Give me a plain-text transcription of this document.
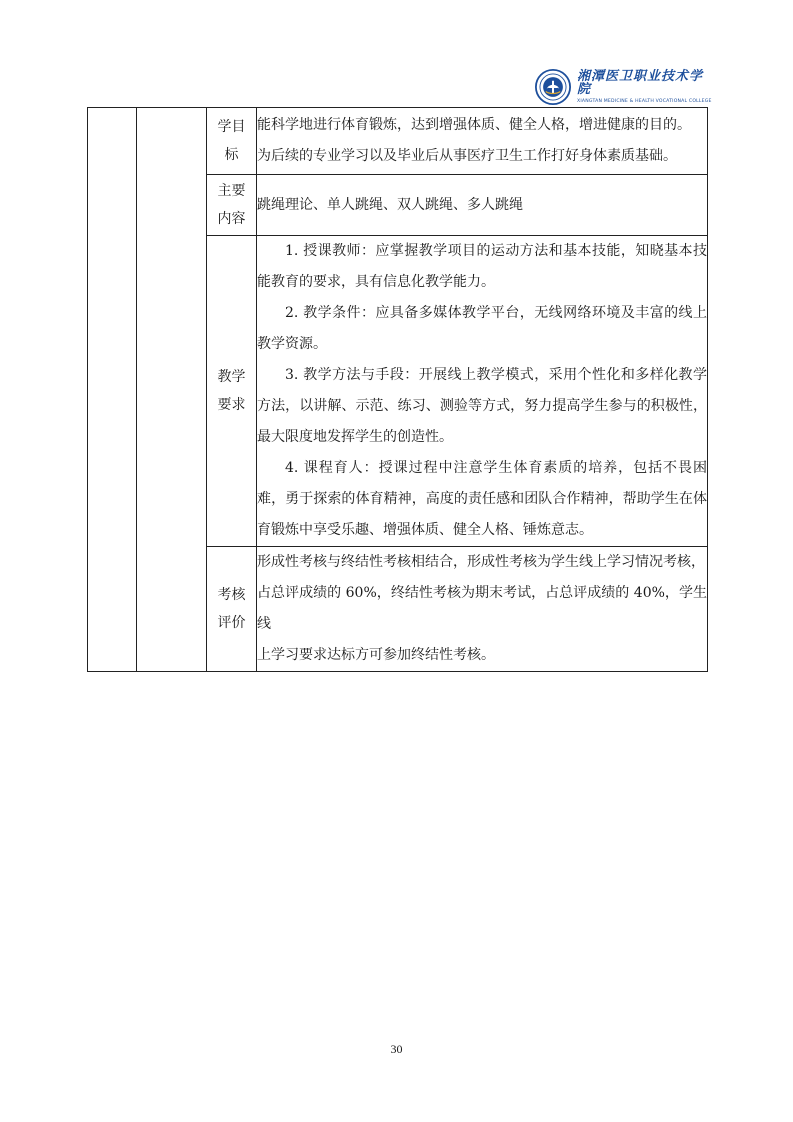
湘潭医卫职业技术学院
XIANGTAN MEDICINE & HEALTH VOCATIONAL COLLEGE

		学目
标	能科学地进行体育锻炼，达到增强体质、健全人格，增进健康的目的。
为后续的专业学习以及毕业后从事医疗卫生工作打好身体素质基础。

		主要
内容	跳绳理论、单人跳绳、双人跳绳、多人跳绳

		教学
要求	1. 授课教师：应掌握教学项目的运动方法和基本技能，知晓基本技能教育的要求，具有信息化教学能力。
2. 教学条件：应具备多媒体教学平台，无线网络环境及丰富的线上教学资源。
3. 教学方法与手段：开展线上教学模式，采用个性化和多样化教学方法，以讲解、示范、练习、测验等方式，努力提高学生参与的积极性，最大限度地发挥学生的创造性。
4. 课程育人：授课过程中注意学生体育素质的培养，包括不畏困难，勇于探索的体育精神，高度的责任感和团队合作精神，帮助学生在体育锻炼中享受乐趣、增强体质、健全人格、锤炼意志。

		考核
评价	形成性考核与终结性考核相结合，形成性考核为学生线上学习情况考核，
占总评成绩的 60%，终结性考核为期末考试，占总评成绩的 40%，学生线
上学习要求达标方可参加终结性考核。
30
